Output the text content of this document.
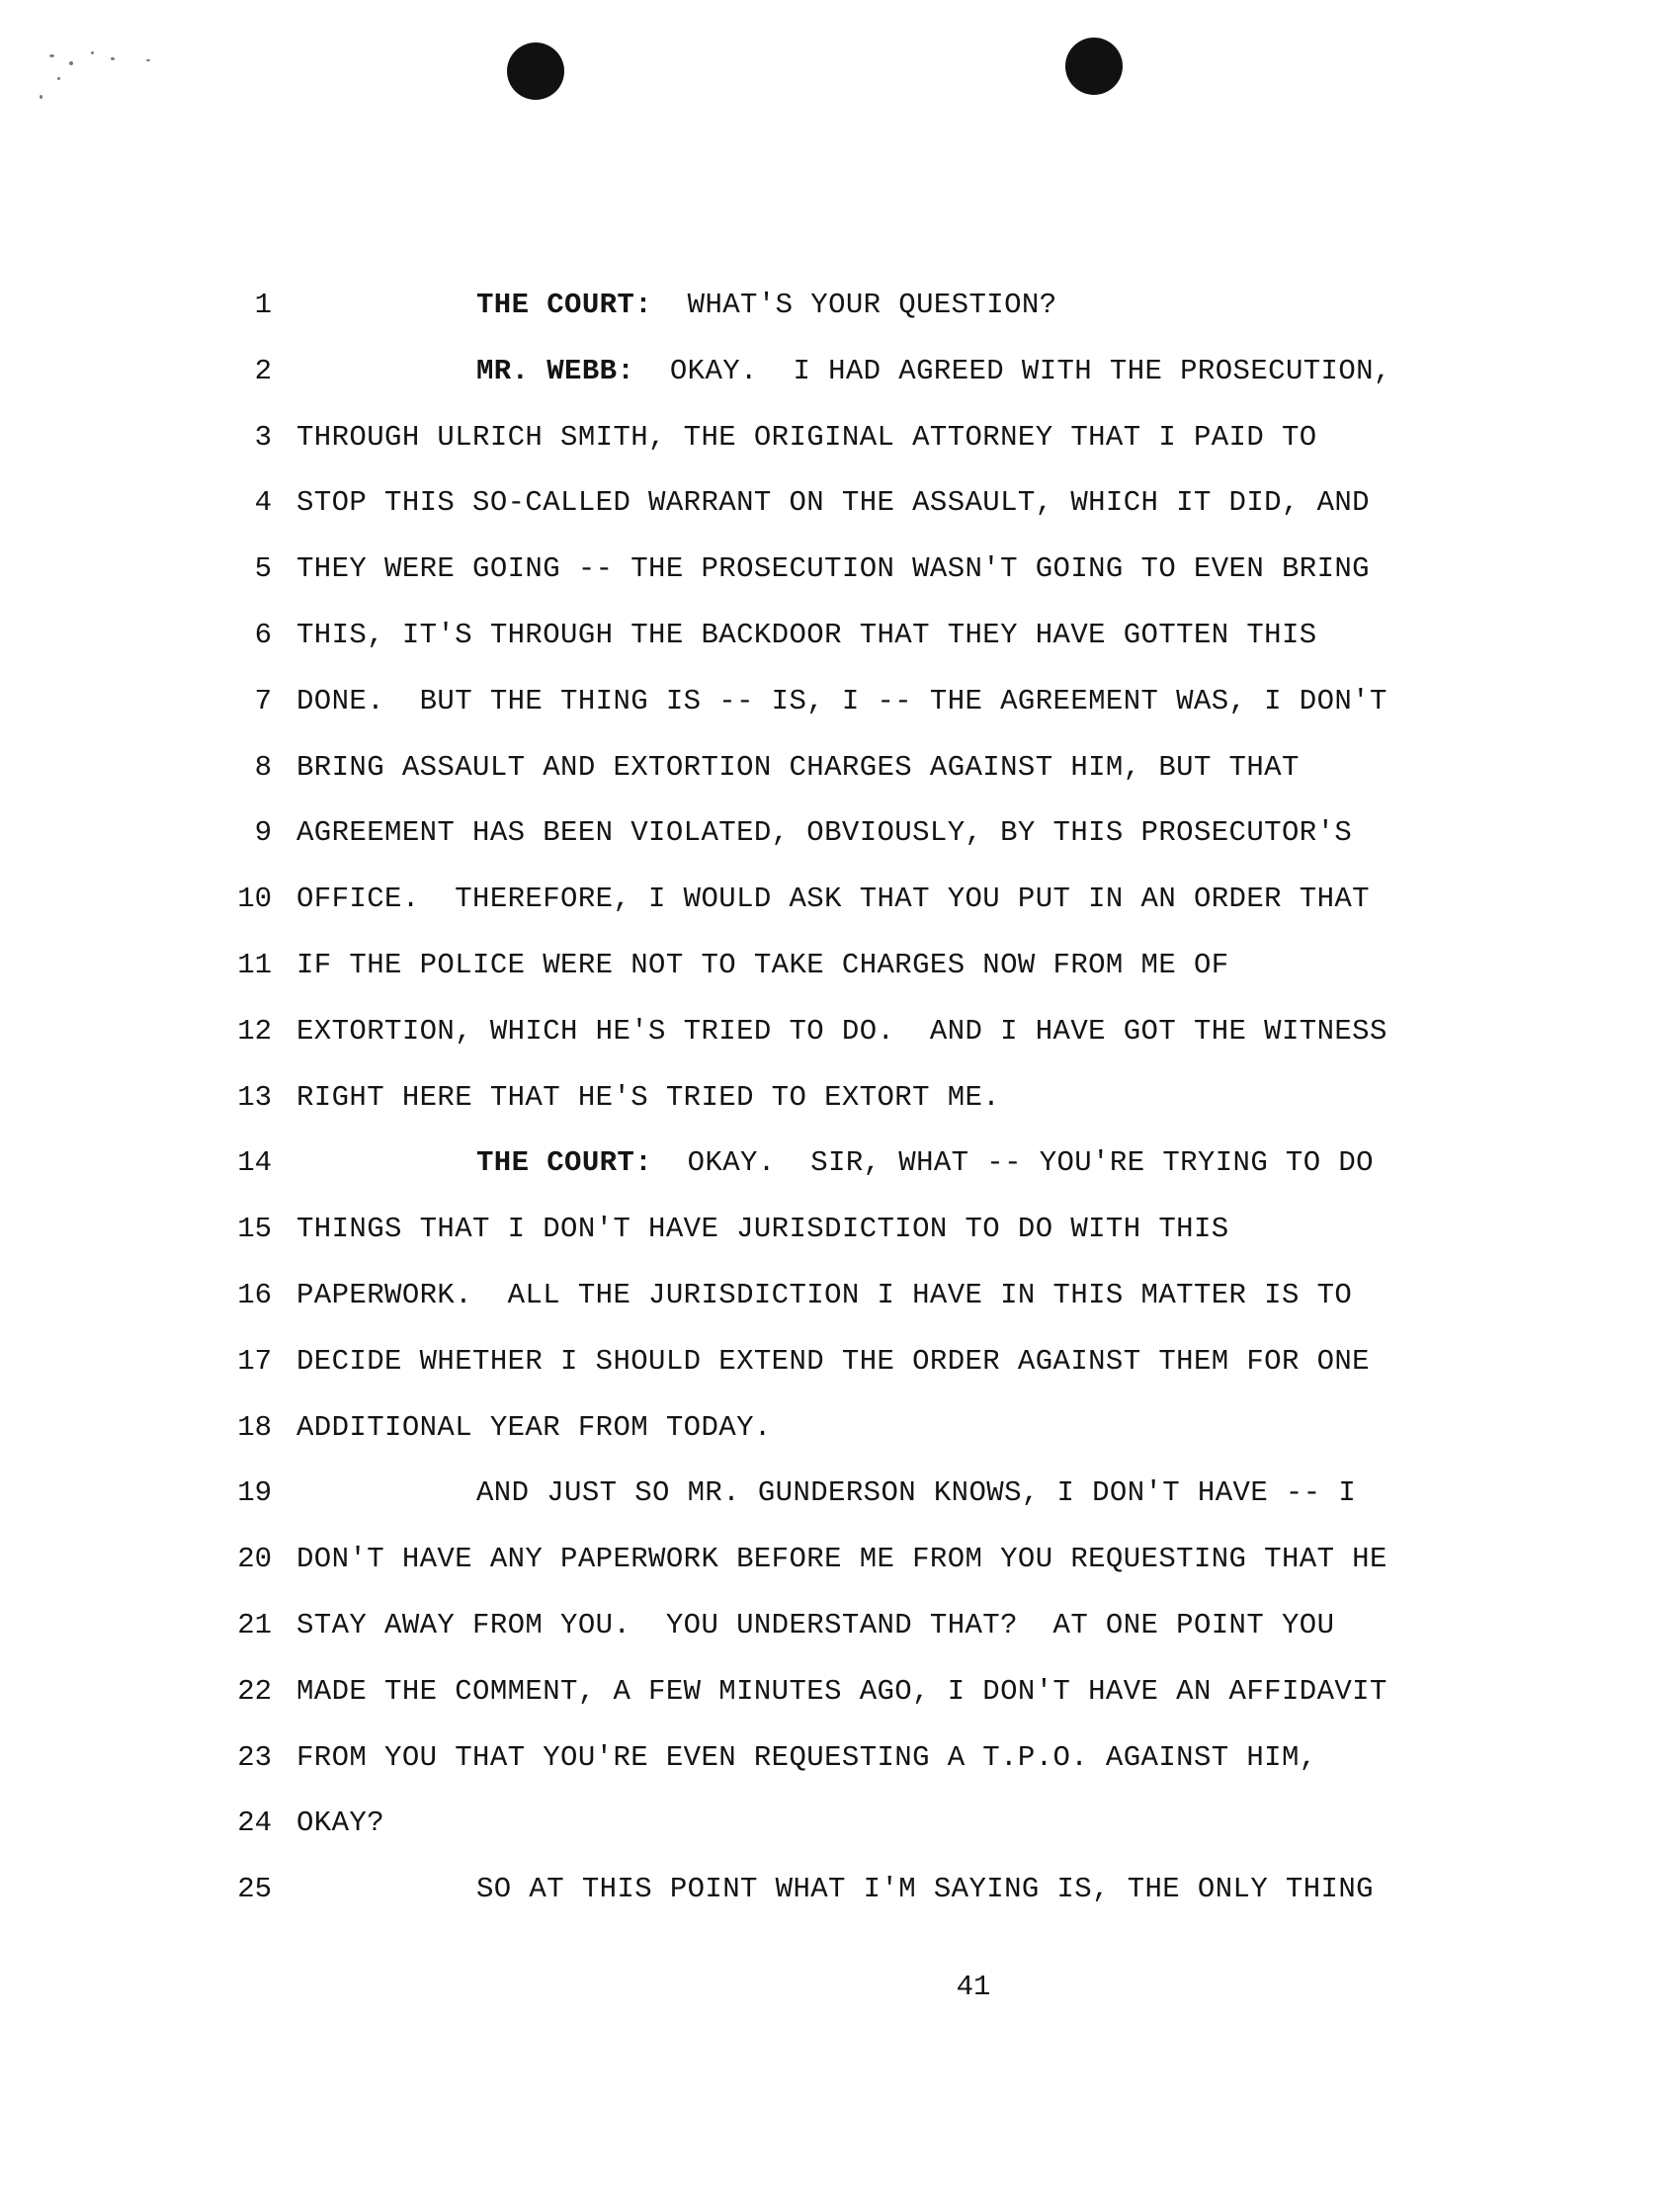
1
2
3
4
5
6
7
8
9
10
11
12
13
14
15
16
17
18
19
20
21
22
23
24
25
THE COURT: WHAT'S YOUR QUESTION?
MR. WEBB: OKAY.  I HAD AGREED WITH THE PROSECUTION,
THROUGH ULRICH SMITH, THE ORIGINAL ATTORNEY THAT I PAID TO
STOP THIS SO-CALLED WARRANT ON THE ASSAULT, WHICH IT DID, AND
THEY WERE GOING -- THE PROSECUTION WASN'T GOING TO EVEN BRING
THIS, IT'S THROUGH THE BACKDOOR THAT THEY HAVE GOTTEN THIS
DONE.  BUT THE THING IS -- IS, I -- THE AGREEMENT WAS, I DON'T
BRING ASSAULT AND EXTORTION CHARGES AGAINST HIM, BUT THAT
AGREEMENT HAS BEEN VIOLATED, OBVIOUSLY, BY THIS PROSECUTOR'S
OFFICE.  THEREFORE, I WOULD ASK THAT YOU PUT IN AN ORDER THAT
IF THE POLICE WERE NOT TO TAKE CHARGES NOW FROM ME OF
EXTORTION, WHICH HE'S TRIED TO DO.  AND I HAVE GOT THE WITNESS
RIGHT HERE THAT HE'S TRIED TO EXTORT ME.
THE COURT: OKAY.  SIR, WHAT -- YOU'RE TRYING TO DO
THINGS THAT I DON'T HAVE JURISDICTION TO DO WITH THIS
PAPERWORK.  ALL THE JURISDICTION I HAVE IN THIS MATTER IS TO
DECIDE WHETHER I SHOULD EXTEND THE ORDER AGAINST THEM FOR ONE
ADDITIONAL YEAR FROM TODAY.
AND JUST SO MR. GUNDERSON KNOWS, I DON'T HAVE -- I
DON'T HAVE ANY PAPERWORK BEFORE ME FROM YOU REQUESTING THAT HE
STAY AWAY FROM YOU.  YOU UNDERSTAND THAT?  AT ONE POINT YOU
MADE THE COMMENT, A FEW MINUTES AGO, I DON'T HAVE AN AFFIDAVIT
FROM YOU THAT YOU'RE EVEN REQUESTING A T.P.O. AGAINST HIM,
OKAY?
SO AT THIS POINT WHAT I'M SAYING IS, THE ONLY THING
41
